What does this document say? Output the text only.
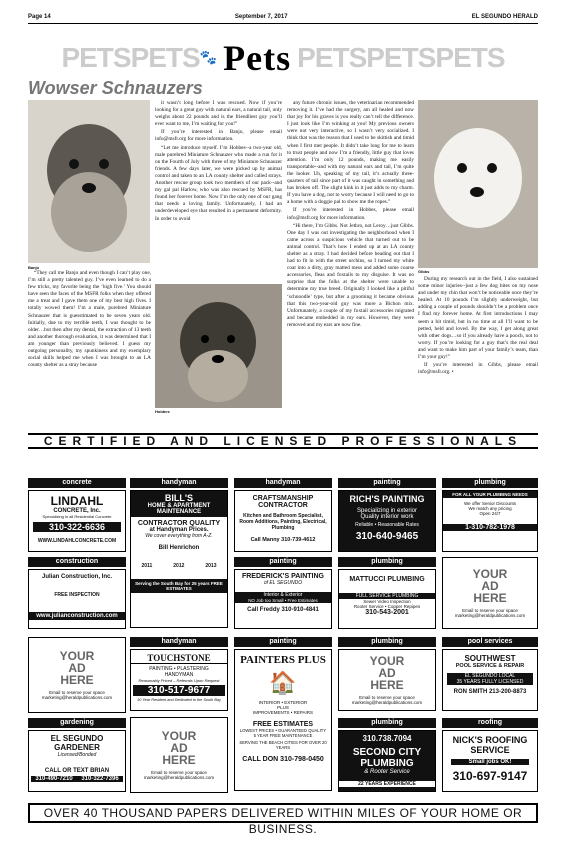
Page 14	September 7, 2017	EL SEGUNDO HERALD
PETSPETS 🐾 Pets PETSPETSPETS
Wowser Schnauzers
Banjo
Hobbes
Gibbs

“They call me Banjo and even though I can’t play one, I’m still a pretty talented guy. I’ve even learned to do a few tricks, my favorite being the ‘high five.’ You should have seen the faces of the MSFR folks when they offered me a treat and I gave them one of my best high fives. I totally wowed them! I’m a male, purebred Miniature Schnauzer that is guesstimated to be seven years old. Initially, due to my terrible teeth, I was thought to be older…but then after my dental, the extraction of 13 teeth and another thorough evaluation, it was determined that I am younger than previously believed. I guess my outgoing personality, my spunkiness and my exemplary social skills helped me when I was brought to an LA county shelter as a stray because

it wasn’t long before I was rescued. Now if you’re looking for a great guy with natural ears, a natural tail, only weighs about 22 pounds and is the friendliest guy you’ll ever want to me, I’m waiting for you!”

If you’re interested in Banjo, please email info@msfr.org for more information.

“Let me introduce myself. I’m Hobbes--a two-year old, male purebred Miniature Schnauzer who made a run for it on the Fourth of July with three of my Miniature Schnauzer friends. A few days later, we were picked up by animal control and taken to an LA county shelter and called strays. Another rescue group took two members of our pack--and my gal pal Harlow, who was also rescued by MSFR, has found her forever home. Now I’m the only one of our gang that needs a loving family. Unfortunately, I had an underdeveloped eye that resulted in a permanent deformity. In order to avoid

any future chronic issues, the veterinarian recommended removing it. I’ve had the surgery, am all healed and now that joy for his graves is you really can’t tell the difference. I just look like I’m winking at you! My previous owners were not very interactive, so I wasn’t very socialized. I think that was the reason that I used to be skittish and timid when I first met people. It didn’t take long for me to learn to trust people and now I’m a friendly, little guy that loves attention. I’m only 12 pounds, making me easily transportable--and with my natural ears and tail, I’m quite the looker. Uh, speaking of my tail, it’s actually three-quarters of tail since part of it was caught in something and has broken off. The slight kink in it just adds to my charm. If you have a dog, not to worry because I will need to go to a home with a doggie pal to show me the ropes.”

If you’re interested in Hobbes, please email info@msfr.org for more information.

“Hi there, I’m Gibbs. Not Jethro, not Leroy…just Gibbs. One day I was out investigating the neighborhood when I came across a suspicious vehicle that turned out to be animal control. That’s how I ended up at an LA county shelter as a stray. I had decided before heading out that I had to fit in with the street urchins, so I turned my white coat into a dirty, gray matted mess and added some coarse accessories, fleas and foxtails to my disguise. It was no surprise that the folks at the shelter were unable to determine my true breed. Originally I looked like a pitiful ‘schnoodle’ type, but after a grooming it became obvious that this two-year-old guy was more a Bichon mix. Unfortunately, a couple of my foxtail accessories migrated and became embedded in my ears. However, they were removed and my ears are now fine.

During my research out in the field, I also sustained some minor injuries--just a few dog bites on my nose and under my chin that won’t be noticeable once they’re healed. At 10 pounds I’m slightly underweight, but adding a couple of pounds shouldn’t be a problem once I find my forever home. At first introductions I may seem a bit timid, but in no time at all I’ll want to be petted, held and loved. By the way, I get along great with other dogs…so if you already have a pooch, not to worry. If you’re looking for a guy that’s the real deal and want to make him part of your family’s team, than I’m your guy!”

If you’re interested in Gibbs, please email info@msfr.org. •

CERTIFIED AND LICENSED PROFESSIONALS
concrete	handyman	handyman	painting	plumbing
LINDAHL
CONCRETE, Inc.
Specializing in all Residential Concrete
310-322-6636
WWW.LINDAHLCONCRETE.COM
BILL'S
HOME & APARTMENT MAINTENANCE
CONTRACTOR QUALITY
at Handyman Prices.
We cover everything from A-Z.
Bill Henrichon
2011	2012	2013
Serving the South Bay for 25 years FREE ESTIMATES
CRAFTSMANSHIP CONTRACTOR
Kitchen and Bathroom Specialist, Room Additions, Painting, Electrical, Plumbing
Call Manny 310-739-4612
RICH'S PAINTING
Specializing in exterior
Quality interior work
Reliable • Reasonable Rates
310-640-9465
FOR ALL YOUR PLUMBING NEEDS
We offer Senior Discounts
We match any pricing
Open 24/7
1-310-782-1978
construction	painting	plumbing
Julian Construction, Inc.
FREE INSPECTION
www.julianconstruction.com
FREDERICK'S PAINTING
of EL SEGUNDO
Interior & Exterior
NO Job too Small • Free Estimates
Call Freddy 310-910-4841
MATTUCCI PLUMBING
FULL SERVICE PLUMBING
Sewer Video Inspection
Rooter Service • Copper Repipes
310-543-2001
YOUR AD HERE
Email to reserve your space marketing@heraldpublications.com
handyman	painting	plumbing	pool services
YOUR AD HERE
Email to reserve your space marketing@heraldpublications.com
TOUCHSTONE
PAINTING • PLASTERING
HANDYMAN
Reasonably Priced – Referrals Upon Request
310-517-9677
30 Year Resident and Dedicated to the South Bay
PAINTERS PLUS
🏠
INTERIOR • EXTERIOR
PLUS
IMPROVEMENTS • REPAIRS
FREE ESTIMATES
LOWEST PRICES • GUARANTEED QUALITY
5 YEAR FREE MAINTENANCE
SERVING THE BEACH CITIES FOR OVER 20 YEARS
CALL DON 310-798-0450
YOUR AD HERE
Email to reserve your space marketing@heraldpublications.com
SOUTHWEST
POOL SERVICE & REPAIR
EL SEGUNDO LOCAL
35 YEARS FULLY LICENSED
RON SMITH 213-200-8873
gardening	plumbing	roofing
EL SEGUNDO GARDENER
Licensed/Bonded
CALL OR TEXT BRIAN
310-490-7210 310-322-7396
YOUR AD HERE
Email to reserve your space marketing@heraldpublications.com
310.738.7094
SECOND CITY PLUMBING
& Rooter Service
22 YEARS EXPERIENCE
NICK'S ROOFING SERVICE
Small jobs OK!
310-697-9147
OVER 40 THOUSAND PAPERS DELIVERED WITHIN MILES OF YOUR HOME OR BUSINESS.
